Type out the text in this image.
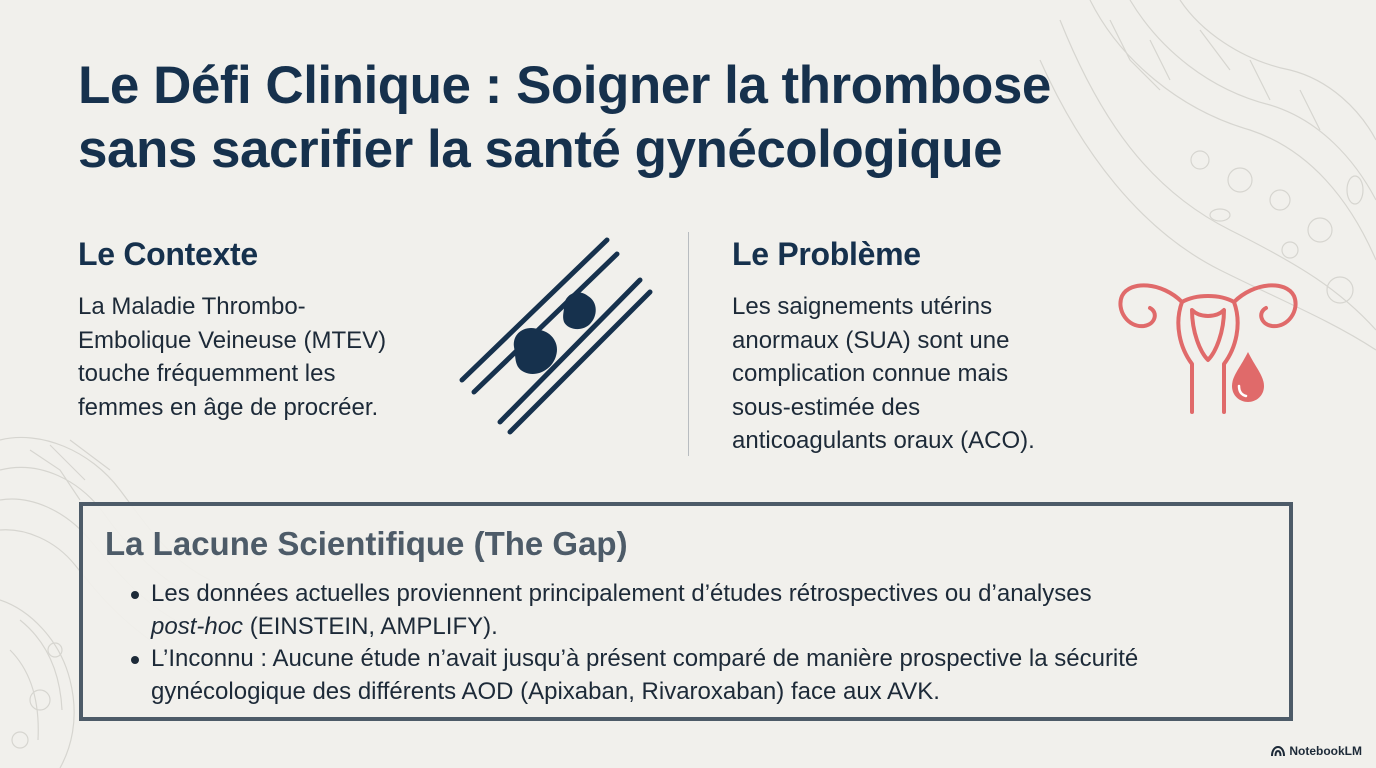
Le Défi Clinique : Soigner la thrombose
sans sacrifier la santé gynécologique
Le Contexte

La Maladie Thrombo-
Embolique Veineuse (MTEV)
touche fréquemment les
femmes en âge de procréer.

Le Problème

Les saignements utérins
anormaux (SUA) sont une
complication connue mais
sous-estimée des
anticoagulants oraux (ACO).

La Lacune Scientifique (The Gap)
Les données actuelles proviennent principalement d’études rétrospectives ou d’analyses
post-hoc (EINSTEIN, AMPLIFY).
L’Inconnu : Aucune étude n’avait jusqu’à présent comparé de manière prospective la sécurité
gynécologique des différents AOD (Apixaban, Rivaroxaban) face aux AVK.
NotebookLM
